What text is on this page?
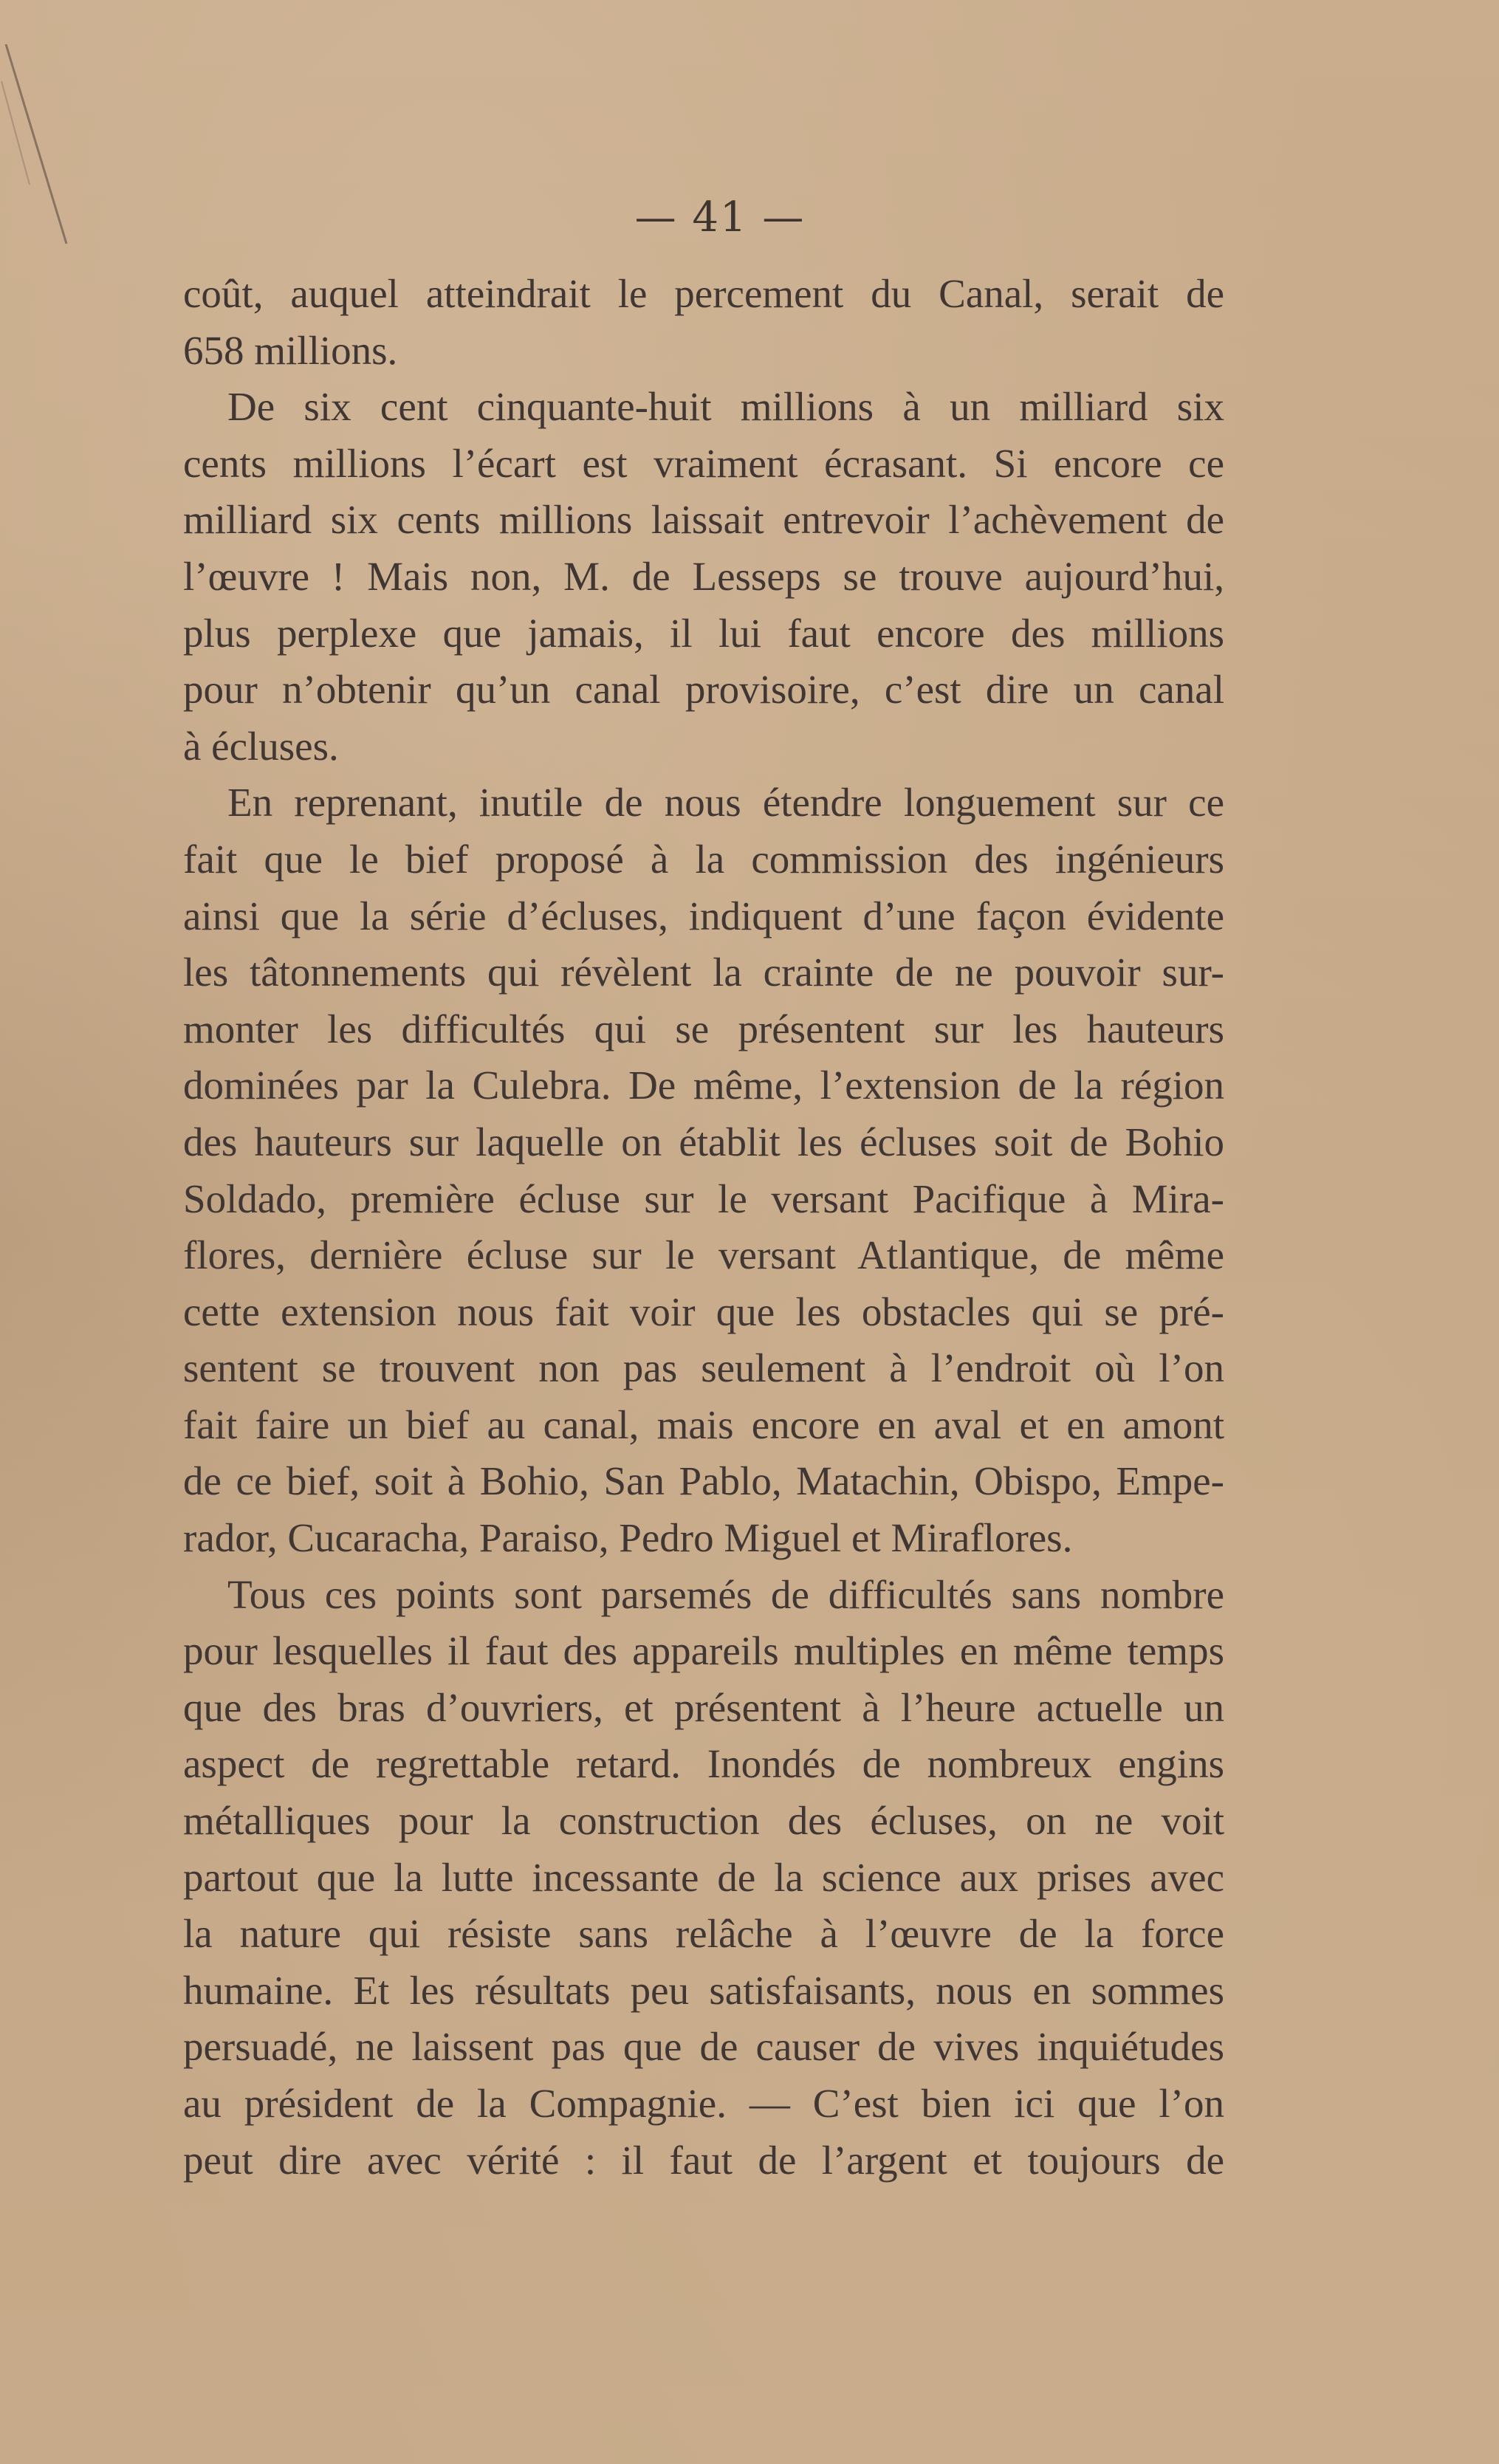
— 41 —
coût, auquel atteindrait le percement du Canal, serait de
658 millions.
De six cent cinquante-huit millions à un milliard six
cents millions l’écart est vraiment écrasant. Si encore ce
milliard six cents millions laissait entrevoir l’achèvement de
l’œuvre ! Mais non, M. de Lesseps se trouve aujourd’hui,
plus perplexe que jamais, il lui faut encore des millions
pour n’obtenir qu’un canal provisoire, c’est dire un canal
à écluses.
En reprenant, inutile de nous étendre longuement sur ce
fait que le bief proposé à la commission des ingénieurs
ainsi que la série d’écluses, indiquent d’une façon évidente
les tâtonnements qui révèlent la crainte de ne pouvoir sur-
monter les difficultés qui se présentent sur les hauteurs
dominées par la Culebra. De même, l’extension de la région
des hauteurs sur laquelle on établit les écluses soit de Bohio
Soldado, première écluse sur le versant Pacifique à Mira-
flores, dernière écluse sur le versant Atlantique, de même
cette extension nous fait voir que les obstacles qui se pré-
sentent se trouvent non pas seulement à l’endroit où l’on
fait faire un bief au canal, mais encore en aval et en amont
de ce bief, soit à Bohio, San Pablo, Matachin, Obispo, Empe-
rador, Cucaracha, Paraiso, Pedro Miguel et Miraflores.
Tous ces points sont parsemés de difficultés sans nombre
pour lesquelles il faut des appareils multiples en même temps
que des bras d’ouvriers, et présentent à l’heure actuelle un
aspect de regrettable retard. Inondés de nombreux engins
métalliques pour la construction des écluses, on ne voit
partout que la lutte incessante de la science aux prises avec
la nature qui résiste sans relâche à l’œuvre de la force
humaine. Et les résultats peu satisfaisants, nous en sommes
persuadé, ne laissent pas que de causer de vives inquiétudes
au président de la Compagnie. — C’est bien ici que l’on
peut dire avec vérité : il faut de l’argent et toujours de
